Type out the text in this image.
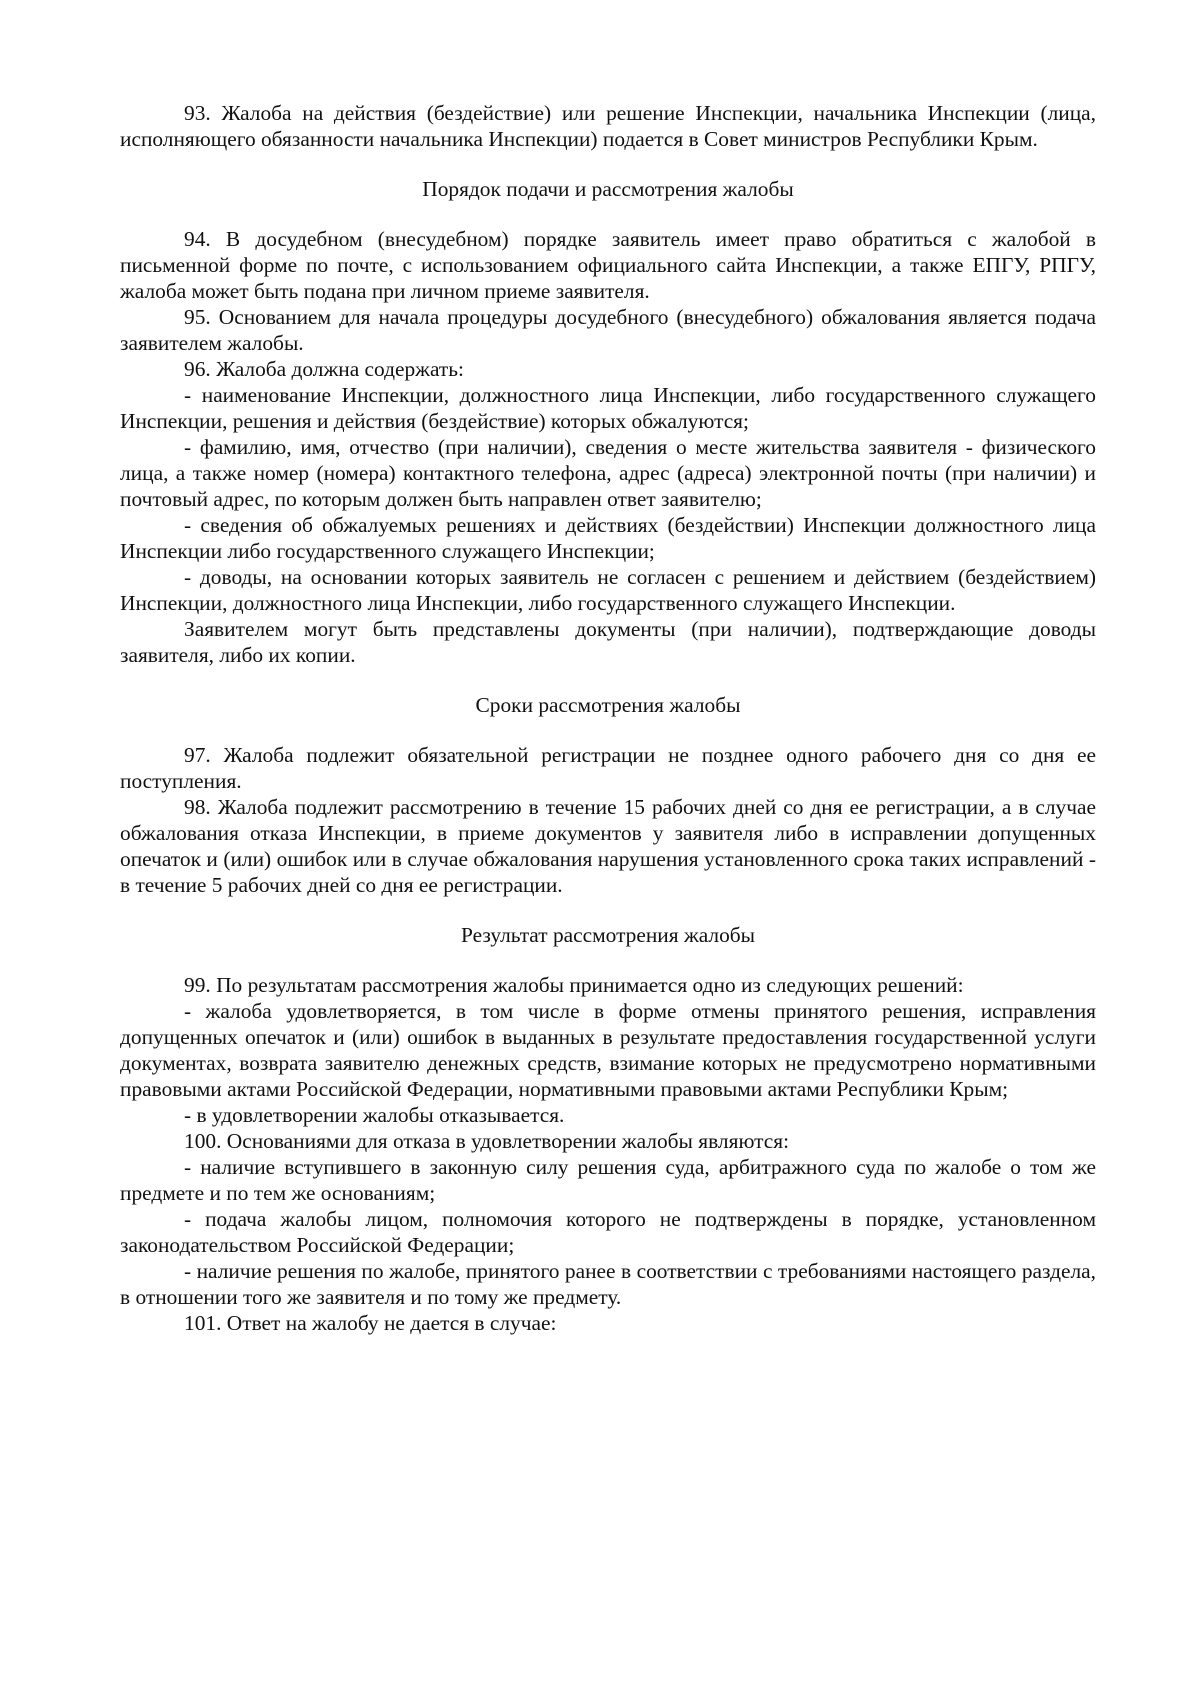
93. Жалоба на действия (бездействие) или решение Инспекции, начальника Инспекции (лица, исполняющего обязанности начальника Инспекции) подается в Совет министров Республики Крым.

Порядок подачи и рассмотрения жалобы

94. В досудебном (внесудебном) порядке заявитель имеет право обратиться с жалобой в письменной форме по почте, с использованием официального сайта Инспекции, а также ЕПГУ, РПГУ, жалоба может быть подана при личном приеме заявителя.

95. Основанием для начала процедуры досудебного (внесудебного) обжалования является подача заявителем жалобы.

96. Жалоба должна содержать:

- наименование Инспекции, должностного лица Инспекции, либо государственного служащего Инспекции, решения и действия (бездействие) которых обжалуются;

- фамилию, имя, отчество (при наличии), сведения о месте жительства заявителя - физического лица, а также номер (номера) контактного телефона, адрес (адреса) электронной почты (при наличии) и почтовый адрес, по которым должен быть направлен ответ заявителю;

- сведения об обжалуемых решениях и действиях (бездействии) Инспекции должностного лица Инспекции либо государственного служащего Инспекции;

- доводы, на основании которых заявитель не согласен с решением и действием (бездействием) Инспекции, должностного лица Инспекции, либо государственного служащего Инспекции.

Заявителем могут быть представлены документы (при наличии), подтверждающие доводы заявителя, либо их копии.

Сроки рассмотрения жалобы

97. Жалоба подлежит обязательной регистрации не позднее одного рабочего дня со дня ее поступления.

98. Жалоба подлежит рассмотрению в течение 15 рабочих дней со дня ее регистрации, а в случае обжалования отказа Инспекции, в приеме документов у заявителя либо в исправлении допущенных опечаток и (или) ошибок или в случае обжалования нарушения установленного срока таких исправлений - в течение 5 рабочих дней со дня ее регистрации.

Результат рассмотрения жалобы

99. По результатам рассмотрения жалобы принимается одно из следующих решений:

- жалоба удовлетворяется, в том числе в форме отмены принятого решения, исправления допущенных опечаток и (или) ошибок в выданных в результате предоставления государственной услуги документах, возврата заявителю денежных средств, взимание которых не предусмотрено нормативными правовыми актами Российской Федерации, нормативными правовыми актами Республики Крым;

- в удовлетворении жалобы отказывается.

100. Основаниями для отказа в удовлетворении жалобы являются:

- наличие вступившего в законную силу решения суда, арбитражного суда по жалобе о том же предмете и по тем же основаниям;

- подача жалобы лицом, полномочия которого не подтверждены в порядке, установленном законодательством Российской Федерации;

- наличие решения по жалобе, принятого ранее в соответствии с требованиями настоящего раздела, в отношении того же заявителя и по тому же предмету.

101. Ответ на жалобу не дается в случае:
